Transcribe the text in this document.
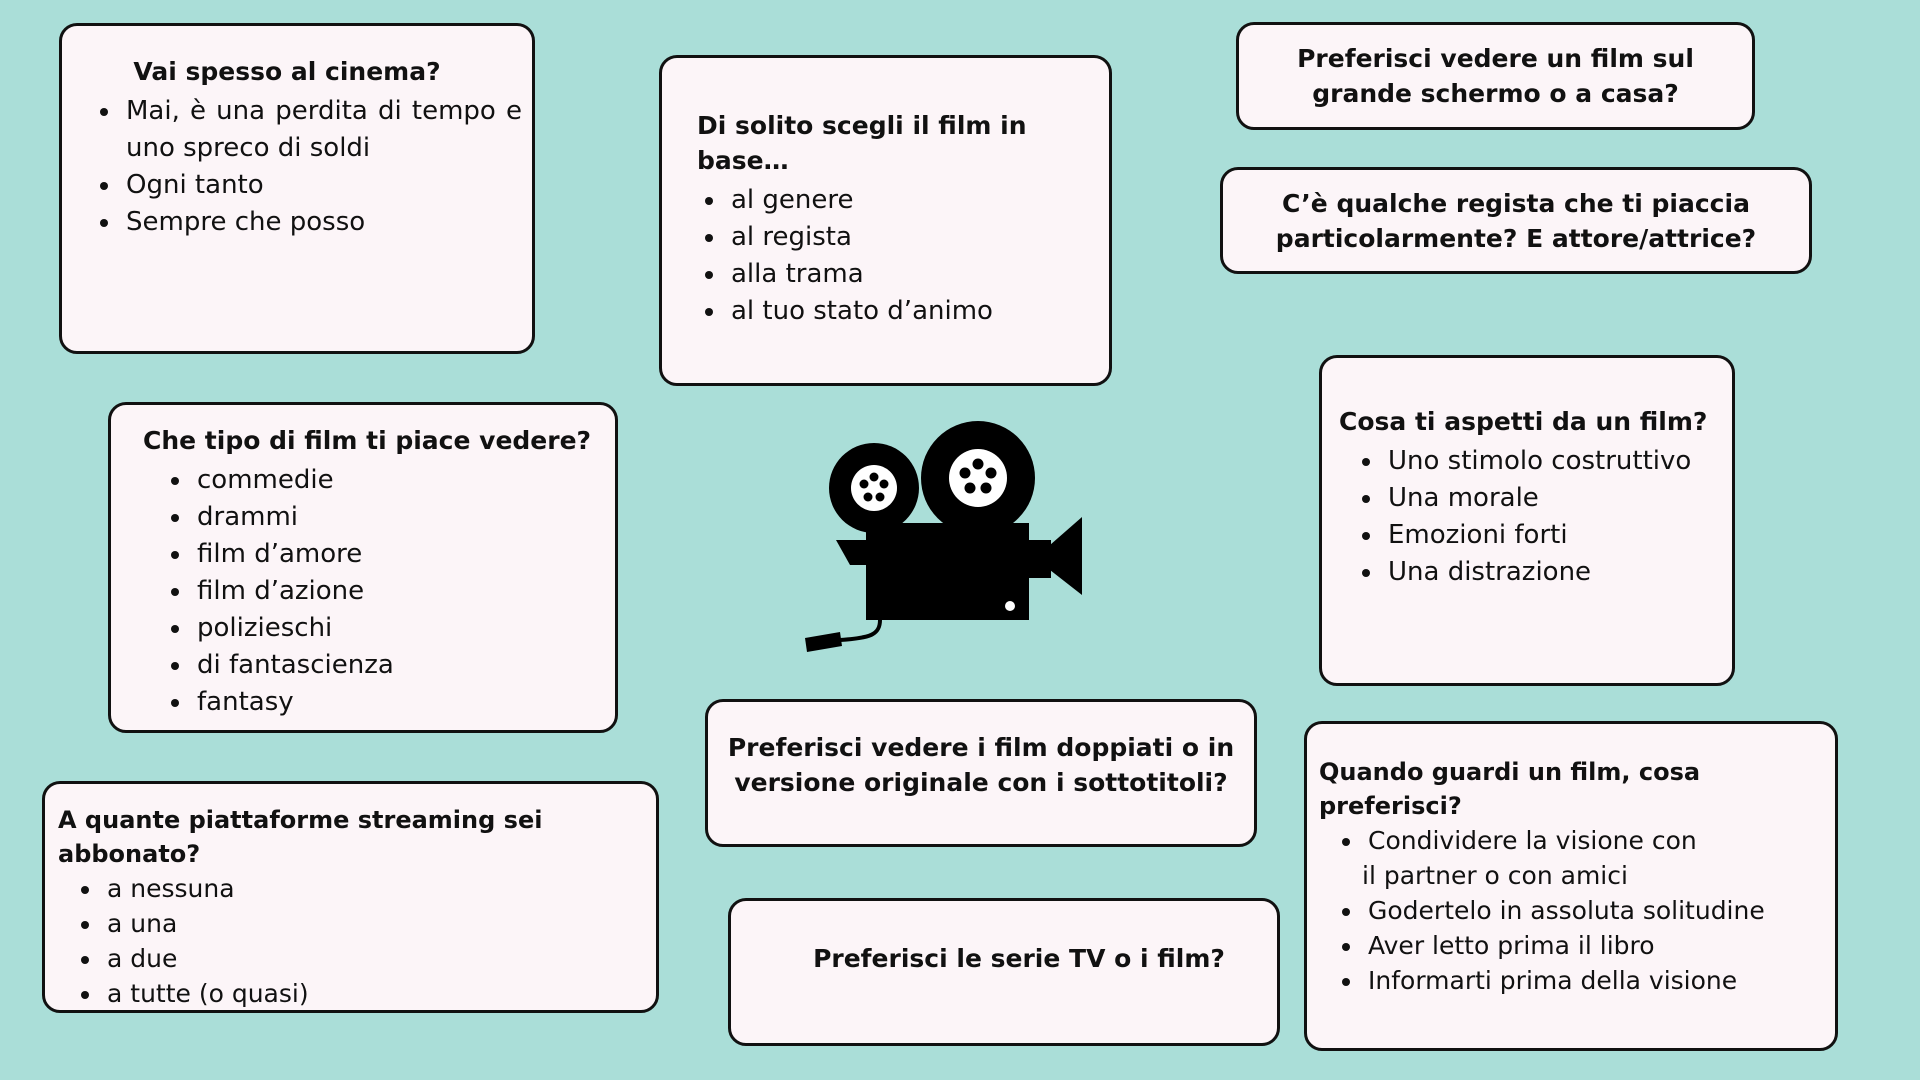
Vai spesso al cinema?
• Mai, è una perdita di tempo e uno spreco di soldi
• Ogni tanto
• Sempre che posso
Di solito scegli il film in base…
• al genere
• al regista
• alla trama
• al tuo stato d’animo
Preferisci vedere un film sul grande schermo o a casa?
C’è qualche regista che ti piaccia particolarmente? E attore/attrice?
Che tipo di film ti piace vedere?
• commedie
• drammi
• film d’amore
• film d’azione
• polizieschi
• di fantascienza
• fantasy
Cosa ti aspetti da un film?
• Uno stimolo costruttivo
• Una morale
• Emozioni forti
• Una distrazione
Preferisci vedere i film doppiati o in versione originale con i sottotitoli?
A quante piattaforme streaming sei abbonato?
• a nessuna
• a una
• a due
• a tutte (o quasi)
Preferisci le serie TV o i film?
Quando guardi un film, cosa preferisci?
• Condividere la visione con
il partner o con amici
• Godertelo in assoluta solitudine
• Aver letto prima il libro
• Informarti prima della visione
